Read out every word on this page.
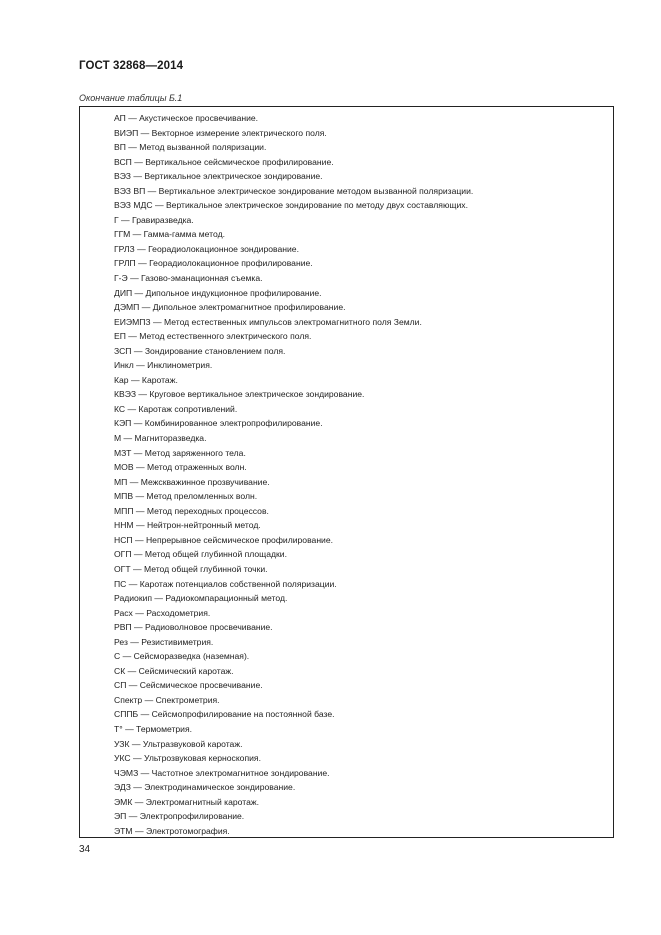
ГОСТ 32868—2014
Окончание таблицы Б.1
АП — Акустическое просвечивание.
ВИЭП — Векторное измерение электрического поля.
ВП — Метод вызванной поляризации.
ВСП — Вертикальное сейсмическое профилирование.
ВЭЗ — Вертикальное электрическое зондирование.
ВЭЗ ВП — Вертикальное электрическое зондирование методом вызванной поляризации.
ВЭЗ МДС — Вертикальное электрическое зондирование по методу двух составляющих.
Г — Гравиразведка.
ГГМ — Гамма-гамма метод.
ГРЛЗ — Георадиолокационное зондирование.
ГРЛП — Георадиолокационное профилирование.
Г-Э — Газово-эманационная съемка.
ДИП — Дипольное индукционное профилирование.
ДЭМП — Дипольное электромагнитное профилирование.
ЕИЭМПЗ — Метод естественных импульсов электромагнитного поля Земли.
ЕП — Метод естественного электрического поля.
ЗСП — Зондирование становлением поля.
Инкл — Инклинометрия.
Кар — Каротаж.
КВЭЗ — Круговое вертикальное электрическое зондирование.
КС — Каротаж сопротивлений.
КЭП — Комбинированное электропрофилирование.
М — Магниторазведка.
МЗТ — Метод заряженного тела.
МОВ — Метод отраженных волн.
МП — Межскважинное прозвучивание.
МПВ — Метод преломленных волн.
МПП — Метод переходных процессов.
ННМ — Нейтрон-нейтронный метод.
НСП — Непрерывное сейсмическое профилирование.
ОГП — Метод общей глубинной площадки.
ОГТ — Метод общей глубинной точки.
ПС — Каротаж потенциалов собственной поляризации.
Радиокип — Радиокомпарационный метод.
Расх — Расходометрия.
РВП — Радиоволновое просвечивание.
Рез — Резистивиметрия.
С — Сейсморазведка (наземная).
СК — Сейсмический каротаж.
СП — Сейсмическое просвечивание.
Спектр — Спектрометрия.
СППБ — Сейсмопрофилирование на постоянной базе.
Т° — Термометрия.
УЗК — Ультразвуковой каротаж.
УКС — Ультрозвуковая керноскопия.
ЧЭМЗ — Частотное электромагнитное зондирование.
ЭДЗ — Электродинамическое зондирование.
ЭМК — Электромагнитный каротаж.
ЭП — Электропрофилирование.
ЭТМ — Электротомография.
34
